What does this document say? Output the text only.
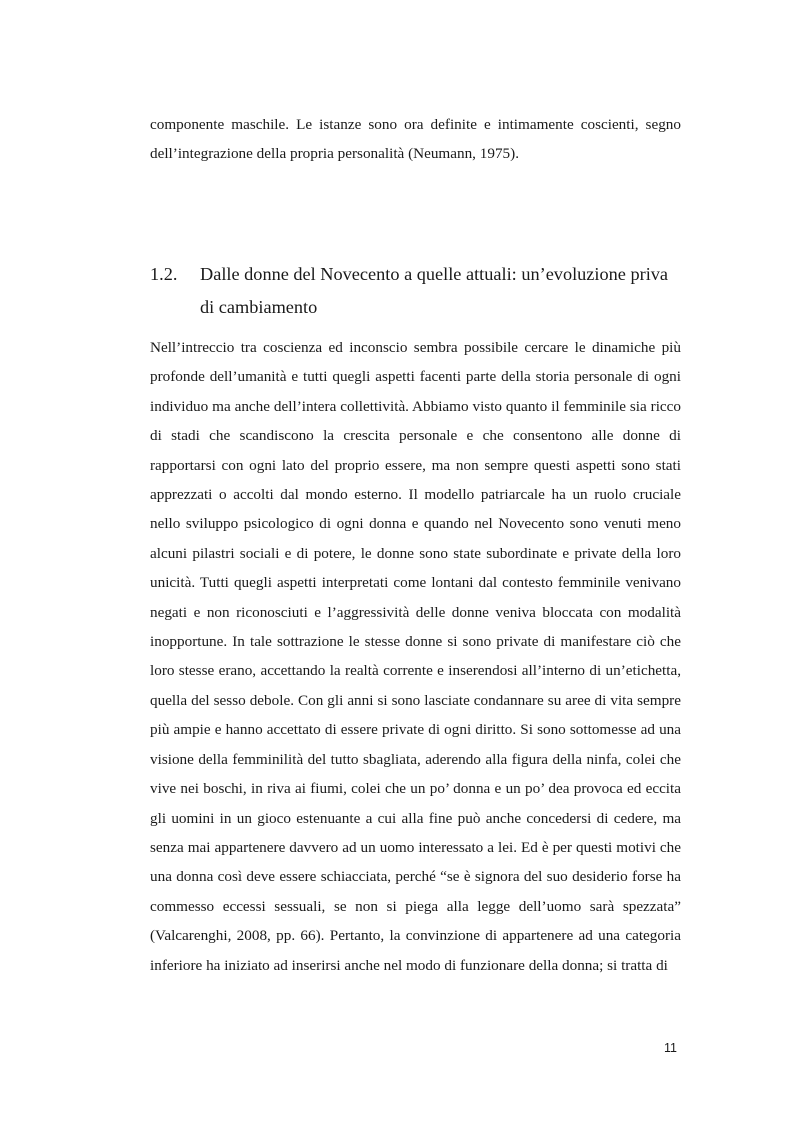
componente maschile. Le istanze sono ora definite e intimamente coscienti, segno dell’integrazione della propria personalità (Neumann, 1975).

1.2.	Dalle donne del Novecento a quelle attuali: un’evoluzione priva di cambiamento

Nell’intreccio tra coscienza ed inconscio sembra possibile cercare le dinamiche più profonde dell’umanità e tutti quegli aspetti facenti parte della storia personale di ogni individuo ma anche dell’intera collettività. Abbiamo visto quanto il femminile sia ricco di stadi che scandiscono la crescita personale e che consentono alle donne di rapportarsi con ogni lato del proprio essere, ma non sempre questi aspetti sono stati apprezzati o accolti dal mondo esterno. Il modello patriarcale ha un ruolo cruciale nello sviluppo psicologico di ogni donna e quando nel Novecento sono venuti meno alcuni pilastri sociali e di potere, le donne sono state subordinate e private della loro unicità. Tutti quegli aspetti interpretati come lontani dal contesto femminile venivano negati e non riconosciuti e l’aggressività delle donne veniva bloccata con modalità inopportune. In tale sottrazione le stesse donne si sono private di manifestare ciò che loro stesse erano, accettando la realtà corrente e inserendosi all’interno di un’etichetta, quella del sesso debole. Con gli anni si sono lasciate condannare su aree di vita sempre più ampie e hanno accettato di essere private di ogni diritto. Si sono sottomesse ad una visione della femminilità del tutto sbagliata, aderendo alla figura della ninfa, colei che vive nei boschi, in riva ai fiumi, colei che un po’ donna e un po’ dea provoca ed eccita gli uomini in un gioco estenuante a cui alla fine può anche concedersi di cedere, ma senza mai appartenere davvero ad un uomo interessato a lei. Ed è per questi motivi che una donna così deve essere schiacciata, perché “se è signora del suo desiderio forse ha commesso eccessi sessuali, se non si piega alla legge dell’uomo sarà spezzata” (Valcarenghi, 2008, pp. 66). Pertanto, la convinzione di appartenere ad una categoria inferiore ha iniziato ad inserirsi anche nel modo di funzionare della donna; si tratta di

11
